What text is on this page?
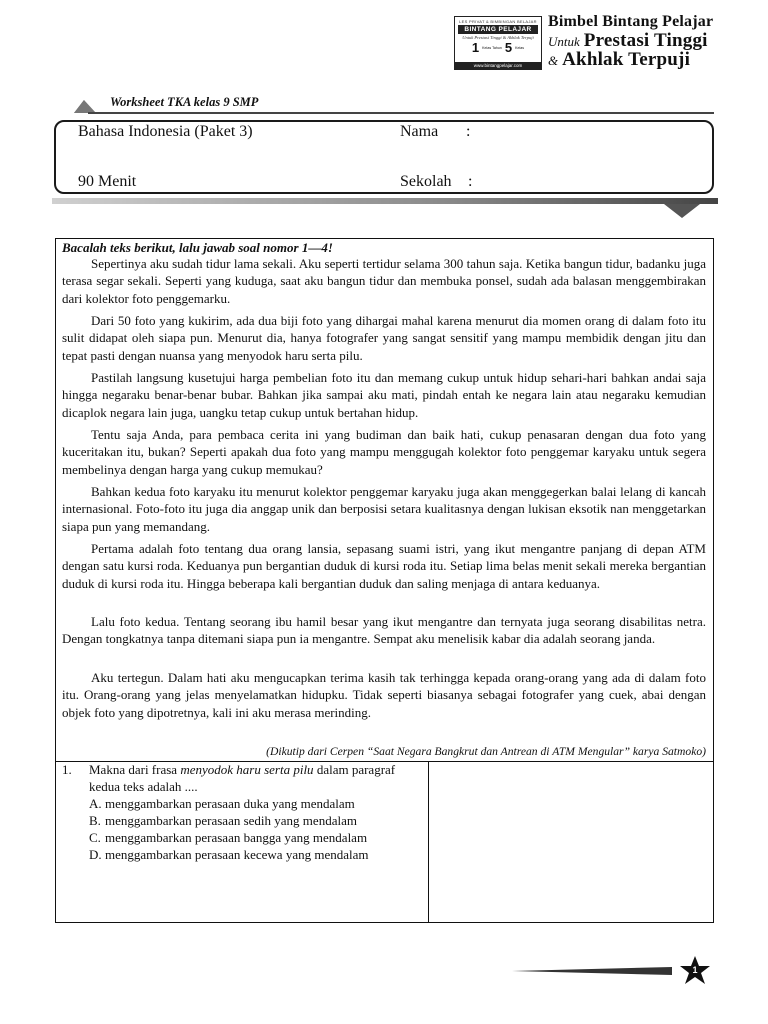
LES PRIVAT & BIMBINGAN BELAJAR
BINTANG PELAJAR
Untuk Prestasi Tinggi & Akhlak Terpuji
1 Kelas Tahun 5 Kelas
www.bintangpelajar.com
Bimbel Bintang Pelajar
Untuk Prestasi Tinggi
& Akhlak Terpuji
Worksheet TKA kelas 9 SMP
Bahasa Indonesia (Paket 3)
90 Menit
Nama :
Sekolah :
Bacalah teks berikut, lalu jawab soal nomor 1—4!

Sepertinya aku sudah tidur lama sekali. Aku seperti tertidur selama 300 tahun saja. Ketika bangun tidur, badanku juga terasa segar sekali. Seperti yang kuduga, saat aku bangun tidur dan membuka ponsel, sudah ada balasan menggembirakan dari kolektor foto penggemarku.

Dari 50 foto yang kukirim, ada dua biji foto yang dihargai mahal karena menurut dia momen orang di dalam foto itu sulit didapat oleh siapa pun. Menurut dia, hanya fotografer yang sangat sensitif yang mampu membidik dengan jitu dan tepat pasti dengan nuansa yang menyodok haru serta pilu.

Pastilah langsung kusetujui harga pembelian foto itu dan memang cukup untuk hidup sehari-hari bahkan andai saja hingga negaraku benar-benar bubar. Bahkan jika sampai aku mati, pindah entah ke negara lain atau negaraku kemudian dicaplok negara lain juga, uangku tetap cukup untuk bertahan hidup.

Tentu saja Anda, para pembaca cerita ini yang budiman dan baik hati, cukup penasaran dengan dua foto yang kuceritakan itu, bukan? Seperti apakah dua foto yang mampu menggugah kolektor foto penggemar karyaku untuk segera membelinya dengan harga yang cukup memukau?

Bahkan kedua foto karyaku itu menurut kolektor penggemar karyaku juga akan menggegerkan balai lelang di kancah internasional. Foto-foto itu juga dia anggap unik dan berposisi setara kualitasnya dengan lukisan eksotik nan menggetarkan siapa pun yang memandang.

Pertama adalah foto tentang dua orang lansia, sepasang suami istri, yang ikut mengantre panjang di depan ATM dengan satu kursi roda. Keduanya pun bergantian duduk di kursi roda itu. Setiap lima belas menit sekali mereka bergantian duduk di kursi roda itu. Hingga beberapa kali bergantian duduk dan saling menjaga di antara keduanya.

Lalu foto kedua. Tentang seorang ibu hamil besar yang ikut mengantre dan ternyata juga seorang disabilitas netra. Dengan tongkatnya tanpa ditemani siapa pun ia mengantre. Sempat aku menelisik kabar dia adalah seorang janda.

Aku tertegun. Dalam hati aku mengucapkan terima kasih tak terhingga kepada orang-orang yang ada di dalam foto itu. Orang-orang yang jelas menyelamatkan hidupku. Tidak seperti biasanya sebagai fotografer yang cuek, abai dengan objek foto yang dipotretnya, kali ini aku merasa merinding.

(Dikutip dari Cerpen “Saat Negara Bangkrut dan Antrean di ATM Mengular” karya Satmoko)
1. Makna dari frasa menyodok haru serta pilu dalam paragraf kedua teks adalah ....
A. menggambarkan perasaan duka yang mendalam
B. menggambarkan perasaan sedih yang mendalam
C. menggambarkan perasaan bangga yang mendalam
D. menggambarkan perasaan kecewa yang mendalam
1
